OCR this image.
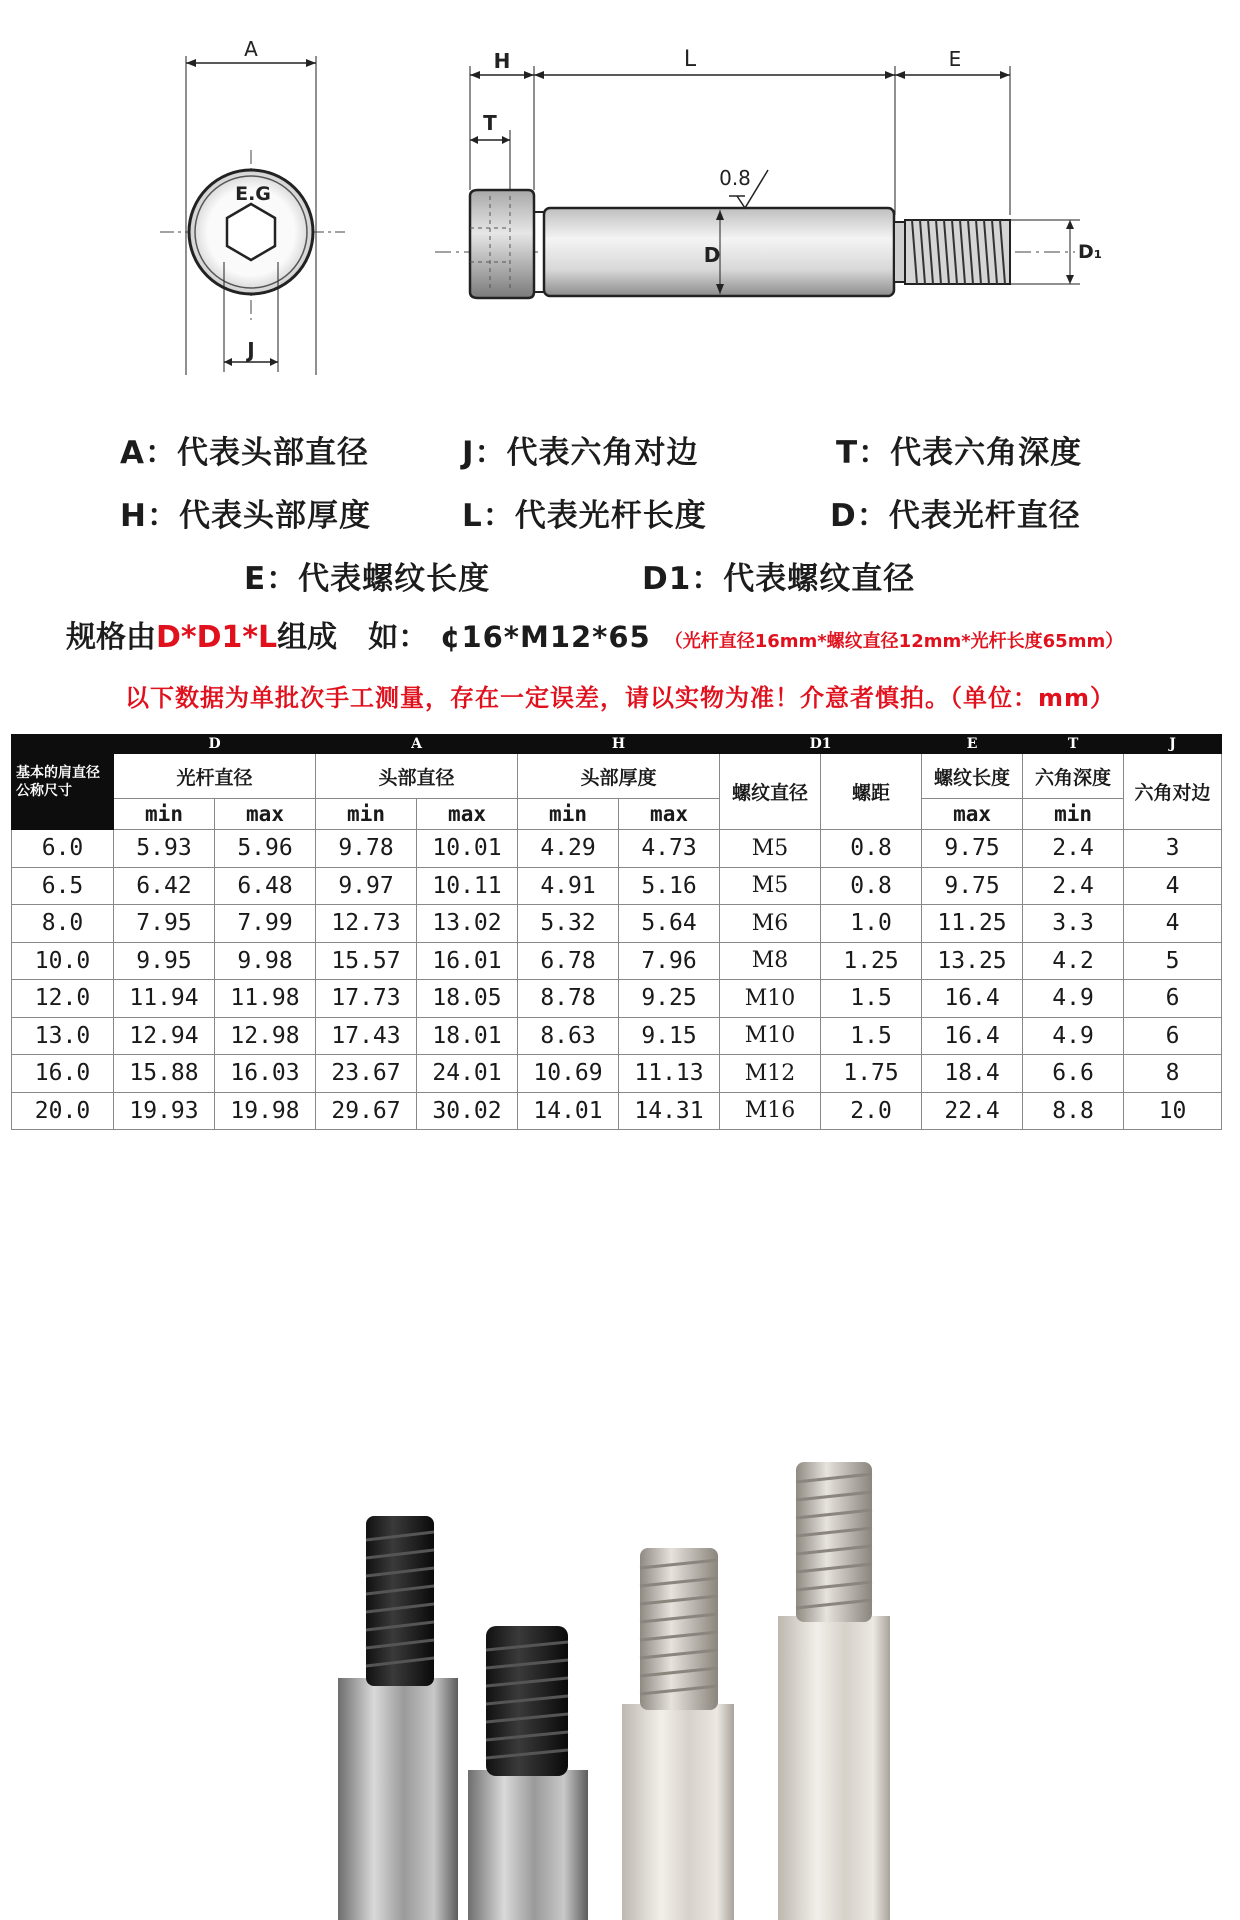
A
E.G
J
H	L	E
T
D
0.8
D₁
A：代表头部直径	J：代表六角对边	T：代表六角深度
H：代表头部厚度	L：代表光杆长度	D：代表光杆直径
E：代表螺纹长度	D1：代表螺纹直径
规格由D*D1*L组成 如： ¢16*M12*65 （光杆直径16mm*螺纹直径12mm*光杆长度65mm）
以下数据为单批次手工测量，存在一定误差，请以实物为准！介意者慎拍。（单位：mm）
基本的肩直径公称尺寸	D		A		H		D1		E	T	J
	光杆直径		头部直径		头部厚度		螺纹直径	螺距	螺纹长度	六角深度	六角对边
	min	max	min	max	min	max			max	min	
6.0	5.93	5.96	9.78	10.01	4.29	4.73	M5	0.8	9.75	2.4	3
6.5	6.42	6.48	9.97	10.11	4.91	5.16	M5	0.8	9.75	2.4	4
8.0	7.95	7.99	12.73	13.02	5.32	5.64	M6	1.0	11.25	3.3	4
10.0	9.95	9.98	15.57	16.01	6.78	7.96	M8	1.25	13.25	4.2	5
12.0	11.94	11.98	17.73	18.05	8.78	9.25	M10	1.5	16.4	4.9	6
13.0	12.94	12.98	17.43	18.01	8.63	9.15	M10	1.5	16.4	4.9	6
16.0	15.88	16.03	23.67	24.01	10.69	11.13	M12	1.75	18.4	6.6	8
20.0	19.93	19.98	29.67	30.02	14.01	14.31	M16	2.0	22.4	8.8	10
